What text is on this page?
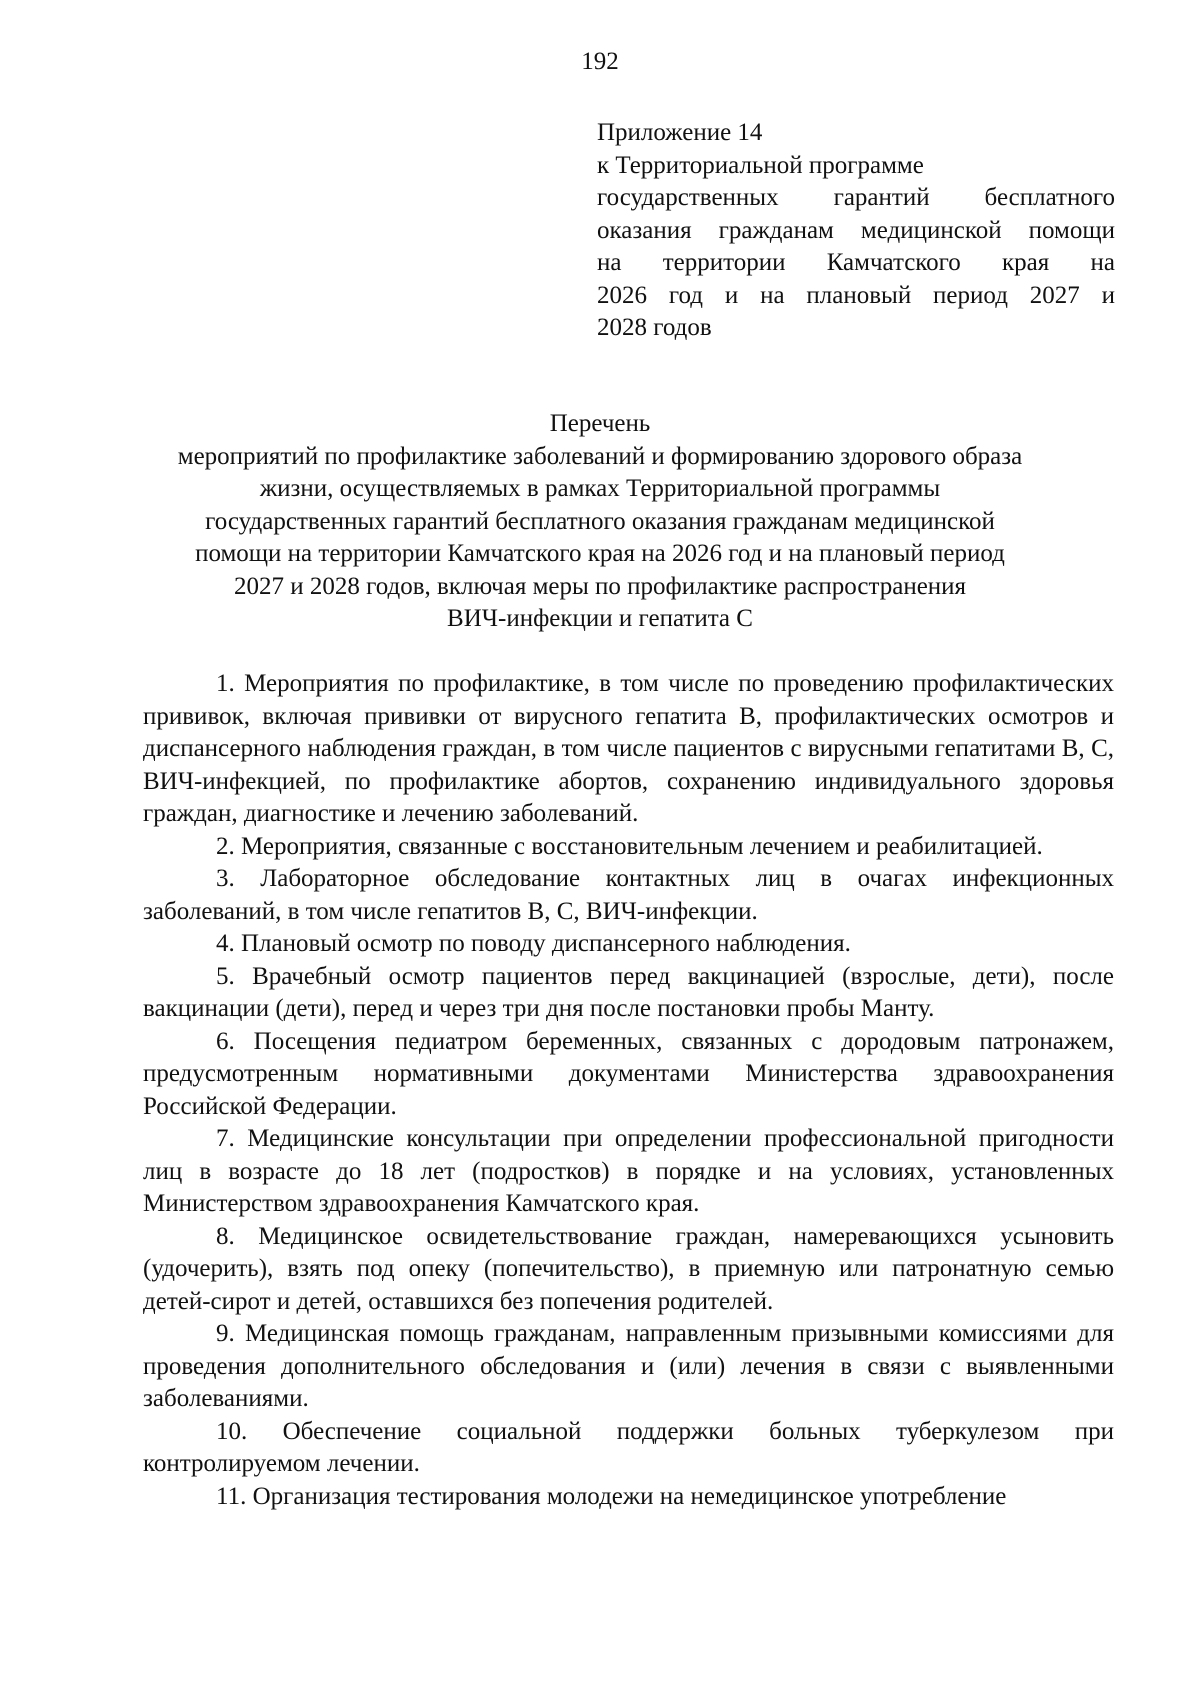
192
Приложение 14
к Территориальной программе
государственных гарантий бесплатного
оказания гражданам медицинской помощи
на территории Камчатского края на
2026 год и на плановый период 2027 и
2028 годов
Перечень
мероприятий по профилактике заболеваний и формированию здорового образа
жизни, осуществляемых в рамках Территориальной программы
государственных гарантий бесплатного оказания гражданам медицинской
помощи на территории Камчатского края на 2026 год и на плановый период
2027 и 2028 годов, включая меры по профилактике распространения
ВИЧ-инфекции и гепатита С

1. Мероприятия по профилактике, в том числе по проведению профилактических прививок, включая прививки от вирусного гепатита В, профилактических осмотров и диспансерного наблюдения граждан, в том числе пациентов с вирусными гепатитами В, С, ВИЧ-инфекцией, по профилактике абортов, сохранению индивидуального здоровья граждан, диагностике и лечению заболеваний.

2. Мероприятия, связанные с восстановительным лечением и реабилитацией.

3. Лабораторное обследование контактных лиц в очагах инфекционных заболеваний, в том числе гепатитов В, С, ВИЧ-инфекции.

4. Плановый осмотр по поводу диспансерного наблюдения.

5. Врачебный осмотр пациентов перед вакцинацией (взрослые, дети), после вакцинации (дети), перед и через три дня после постановки пробы Манту.

6. Посещения педиатром беременных, связанных с дородовым патронажем, предусмотренным нормативными документами Министерства здравоохранения Российской Федерации.

7. Медицинские консультации при определении профессиональной пригодности лиц в возрасте до 18 лет (подростков) в порядке и на условиях, установленных Министерством здравоохранения Камчатского края.

8. Медицинское освидетельствование граждан, намеревающихся усыновить (удочерить), взять под опеку (попечительство), в приемную или патронатную семью детей-сирот и детей, оставшихся без попечения родителей.

9. Медицинская помощь гражданам, направленным призывными комиссиями для проведения дополнительного обследования и (или) лечения в связи с выявленными заболеваниями.

10. Обеспечение социальной поддержки больных туберкулезом при контролируемом лечении.

11. Организация тестирования молодежи на немедицинское употребление
